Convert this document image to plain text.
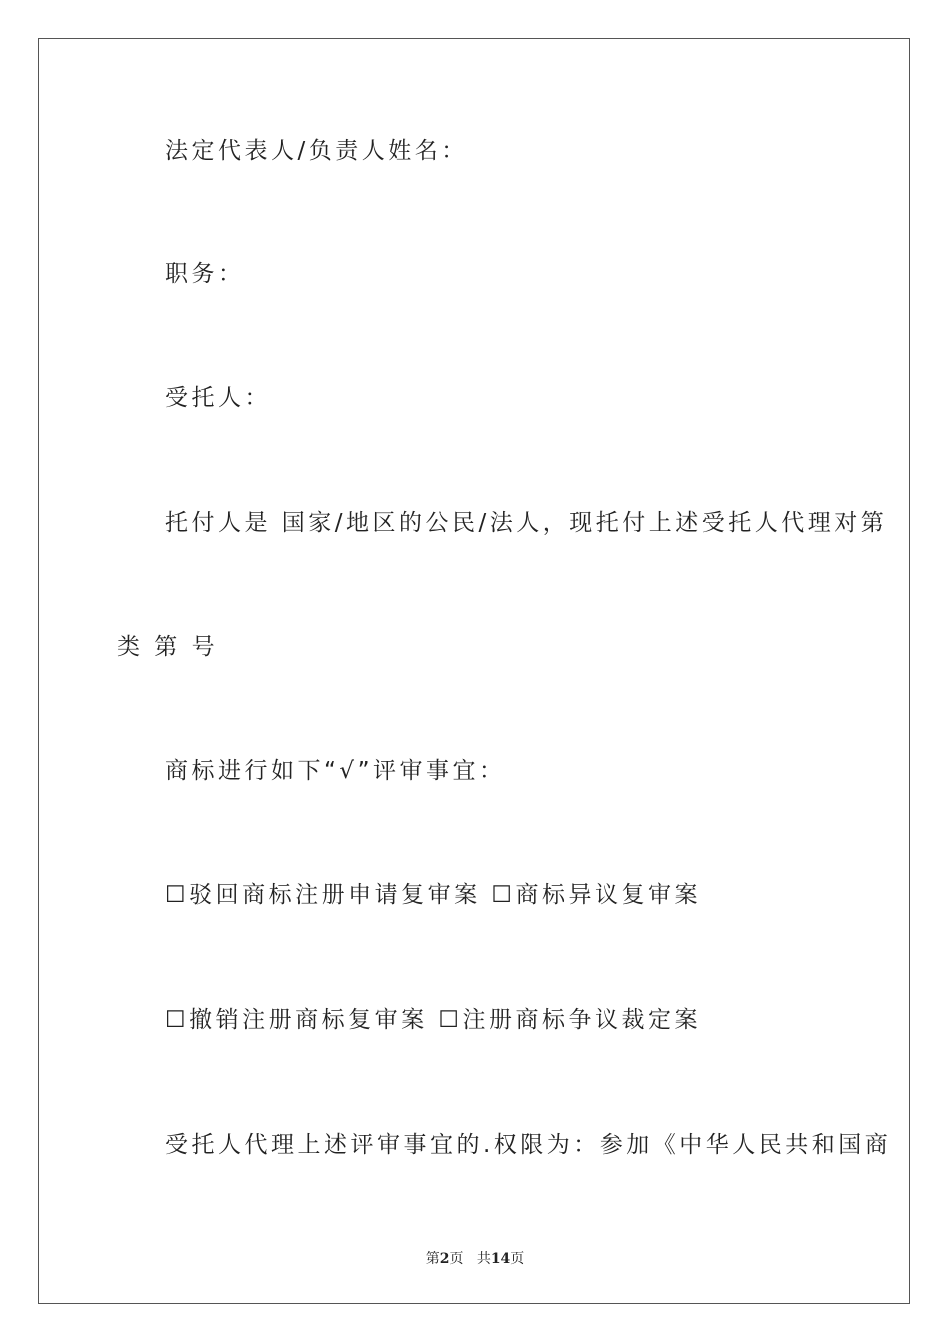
法定代表人/负责人姓名：
职务：
受托人：
托付人是 国家/地区的公民/法人，现托付上述受托人代理对第
类 第 号
商标进行如下“√”评审事宜：
☐驳回商标注册申请复审案 ☐商标异议复审案
☐撤销注册商标复审案 ☐注册商标争议裁定案
受托人代理上述评审事宜的.权限为：参加《中华人民共和国商
第2页 共14页
